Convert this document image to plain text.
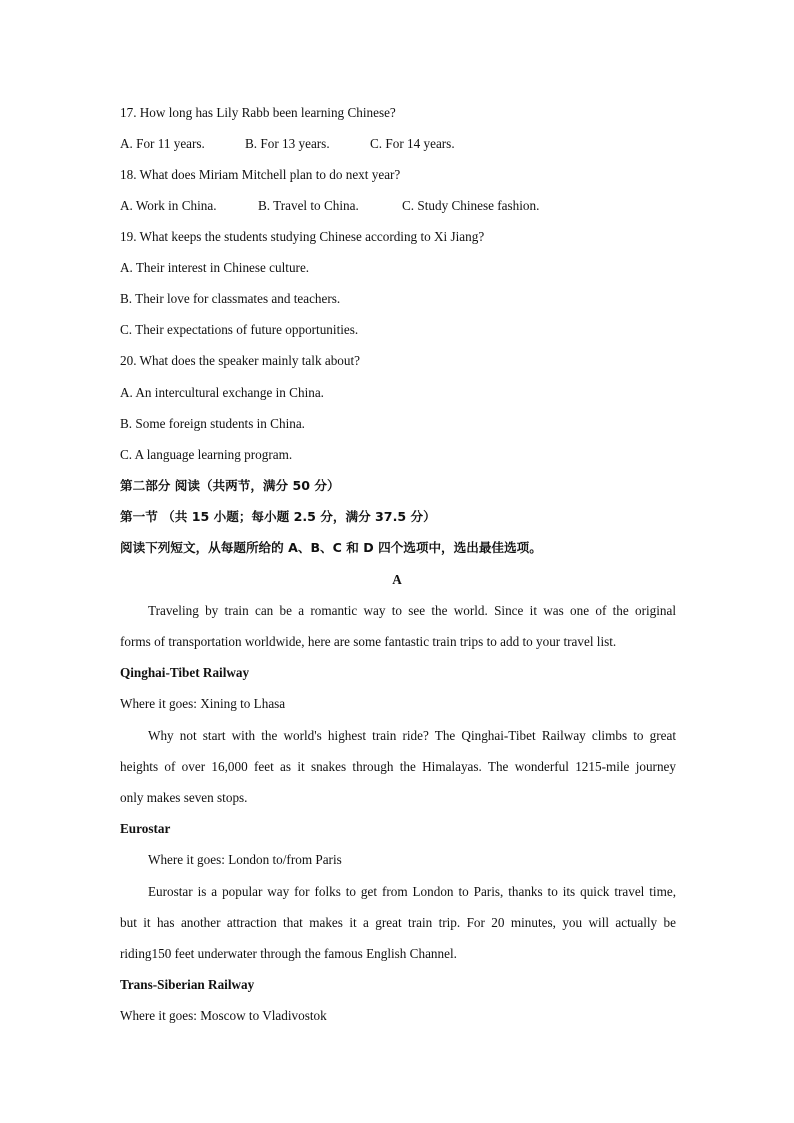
17. How long has Lily Rabb been learning Chinese?
A. For 11 years.	B. For 13 years.	C. For 14 years.
18. What does Miriam Mitchell plan to do next year?
A. Work in China.	B. Travel to China.	C. Study Chinese fashion.
19. What keeps the students studying Chinese according to Xi Jiang?
A. Their interest in Chinese culture.
B. Their love for classmates and teachers.
C. Their expectations of future opportunities.
20. What does the speaker mainly talk about?
A. An intercultural exchange in China.
B. Some foreign students in China.
C. A language learning program.
第二部分 阅读（共两节，满分 50 分）
第一节 （共 15 小题；每小题 2.5 分，满分 37.5 分）
阅读下列短文，从每题所给的 A、B、C 和 D 四个选项中，选出最佳选项。
A
Traveling by train can be a romantic way to see the world. Since it was one of the original
forms of transportation worldwide, here are some fantastic train trips to add to your travel list.
Qinghai-Tibet Railway
Where it goes: Xining to Lhasa
Why not start with the world's highest train ride? The Qinghai-Tibet Railway climbs to great
heights of over 16,000 feet as it snakes through the Himalayas. The wonderful 1215-mile journey
only makes seven stops.
Eurostar
Where it goes: London to/from Paris
Eurostar is a popular way for folks to get from London to Paris, thanks to its quick travel time,
but it has another attraction that makes it a great train trip. For 20 minutes, you will actually be
riding150 feet underwater through the famous English Channel.
Trans-Siberian Railway
Where it goes: Moscow to Vladivostok
